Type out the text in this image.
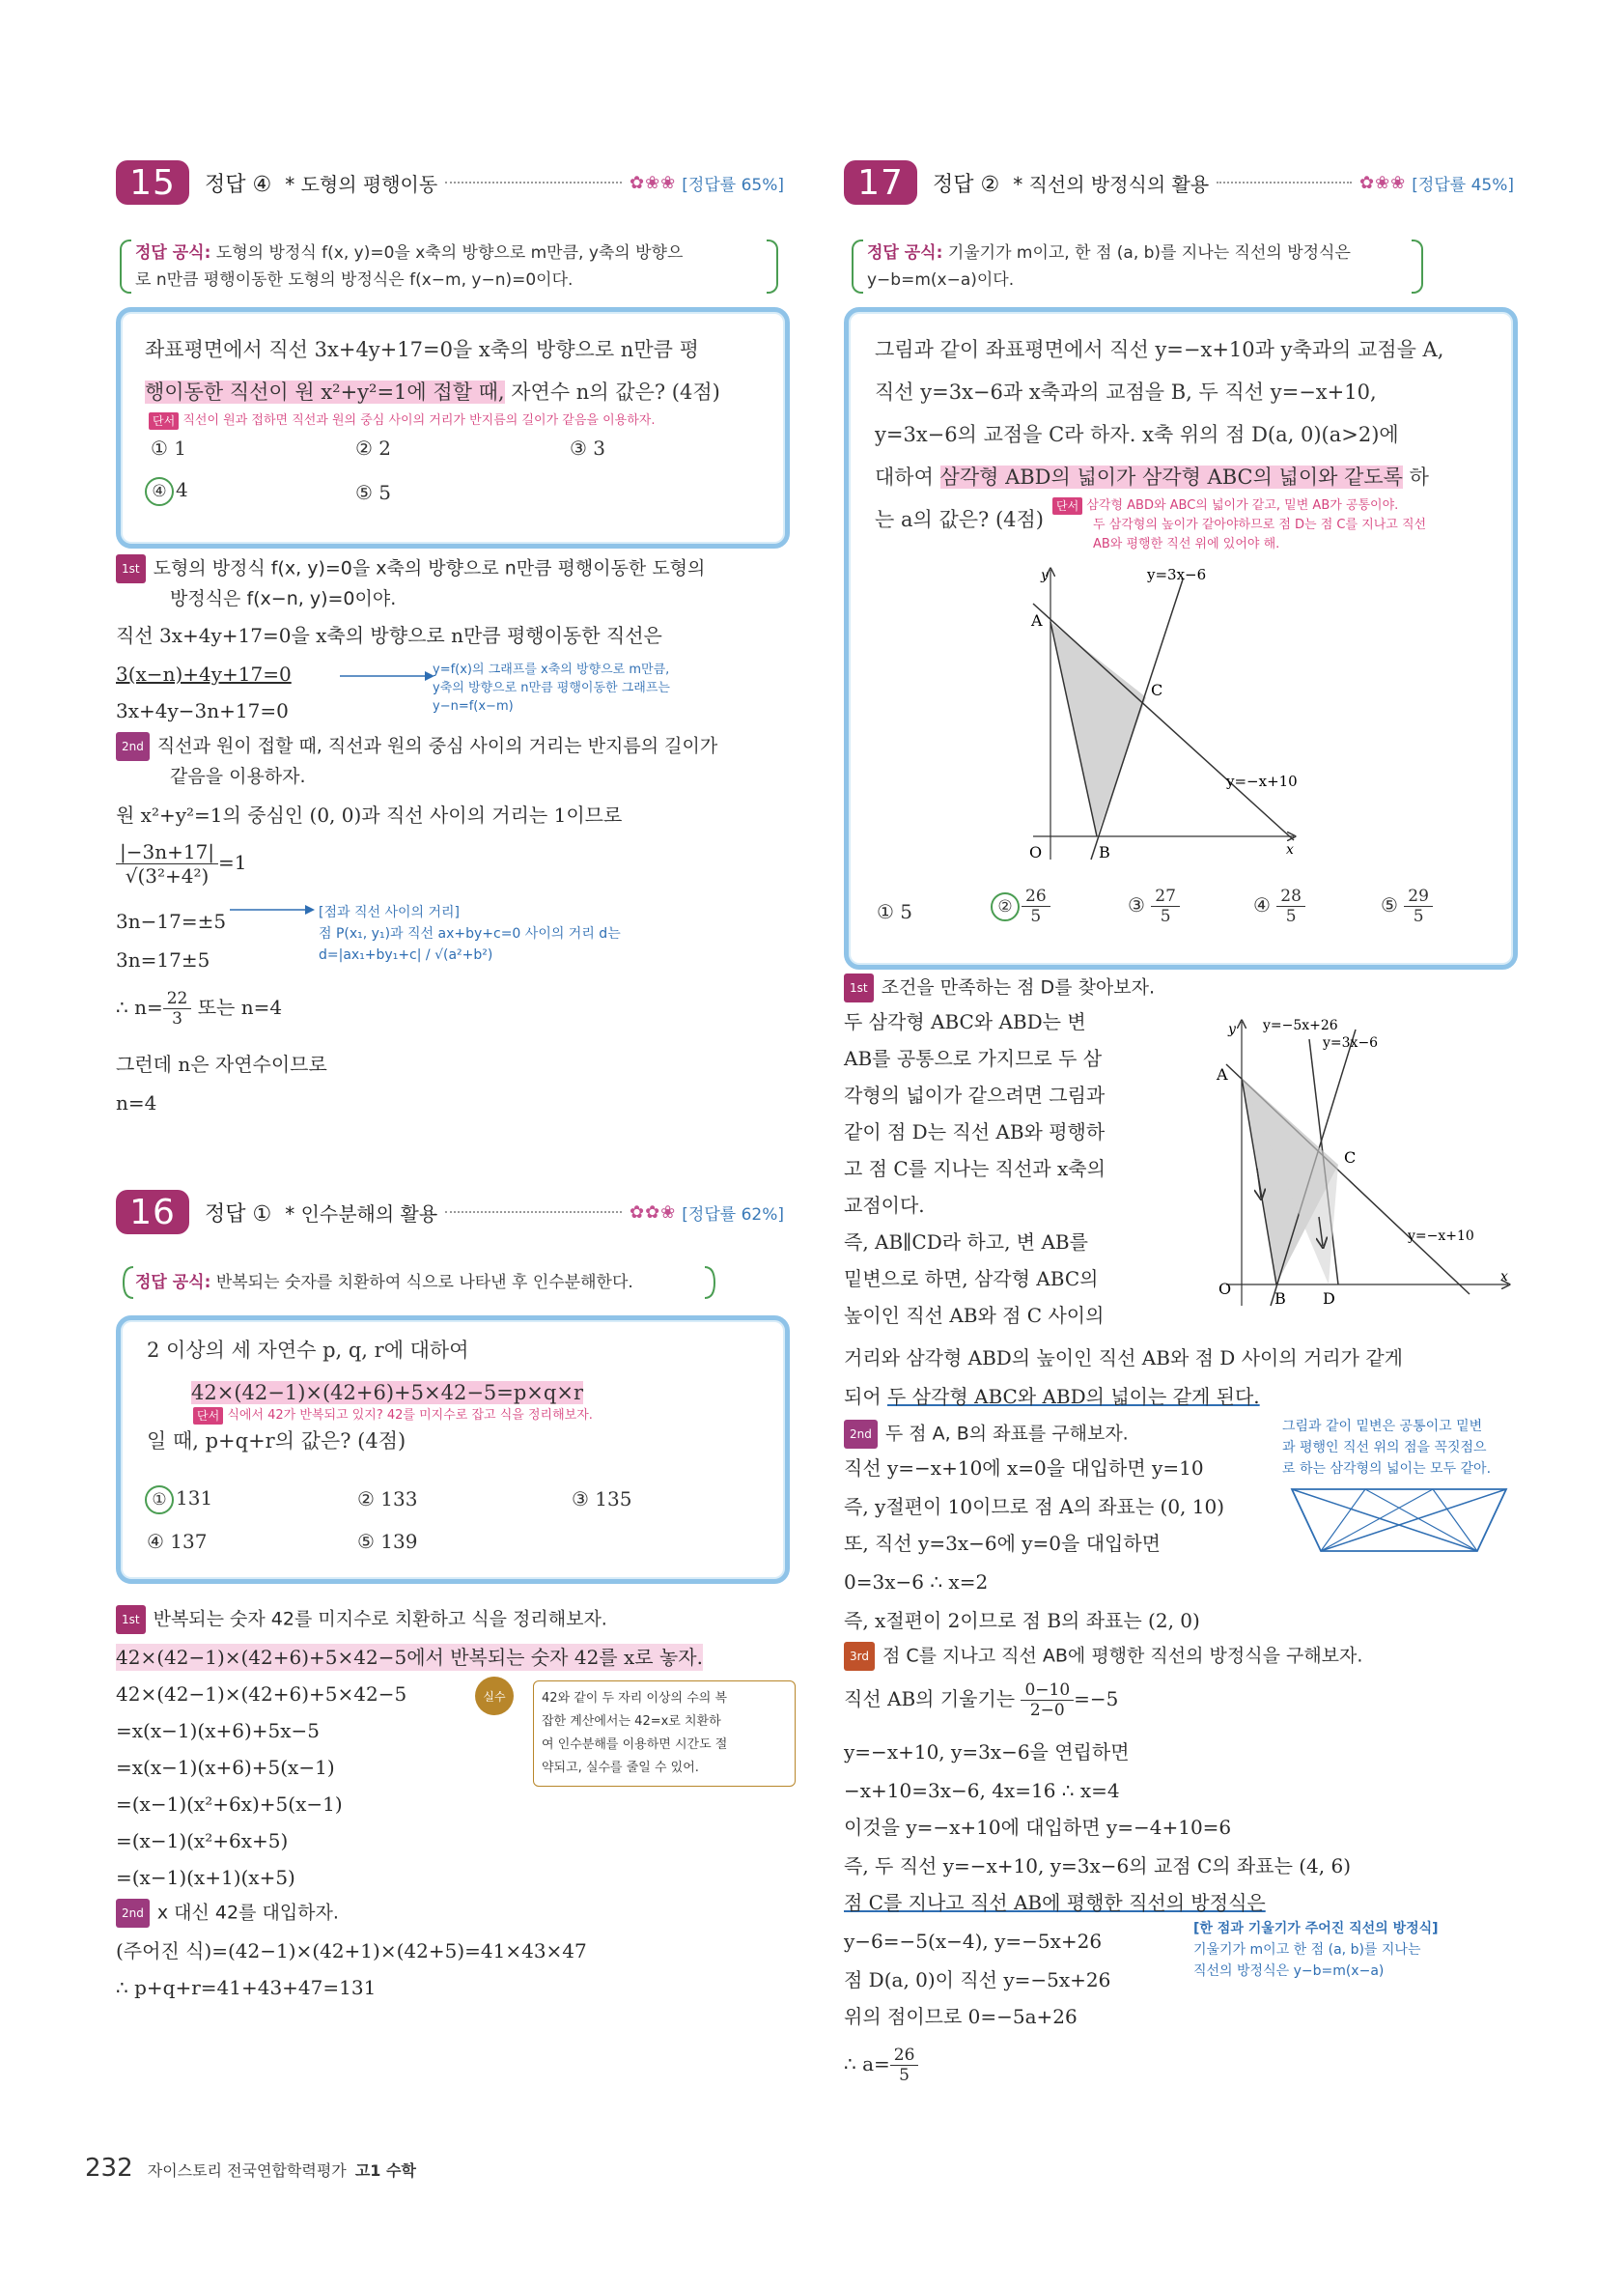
15	정답 ④ * 도형의 평행이동	✿❀❀ [정답률 65%]
정답 공식: 도형의 방정식 f(x, y)=0을 x축의 방향으로 m만큼, y축의 방향으
로 n만큼 평행이동한 도형의 방정식은 f(x−m, y−n)=0이다.
좌표평면에서 직선 3x+4y+17=0을 x축의 방향으로 n만큼 평
행이동한 직선이 원 x²+y²=1에 접할 때, 자연수 n의 값은? (4점)
단서 직선이 원과 접하면 직선과 원의 중심 사이의 거리가 반지름의 길이가 같음을 이용하자.
① 1	② 2	③ 3
④ 4	⑤ 5
1st 도형의 방정식 f(x, y)=0을 x축의 방향으로 n만큼 평행이동한 도형의
방정식은 f(x−n, y)=0이야.
직선 3x+4y+17=0을 x축의 방향으로 n만큼 평행이동한 직선은
3(x−n)+4y+17=0
3x+4y−3n+17=0
y=f(x)의 그래프를 x축의 방향으로 m만큼,
y축의 방향으로 n만큼 평행이동한 그래프는
y−n=f(x−m)
2nd 직선과 원이 접할 때, 직선과 원의 중심 사이의 거리는 반지름의 길이가
같음을 이용하자.
원 x²+y²=1의 중심인 (0, 0)과 직선 사이의 거리는 1이므로
$\frac{|-3n+17|}{\text{√(3²+4²)}} =1$
3n−17=±5	[점과 직선 사이의 거리]
점 P(x₁, y₁)과 직선 ax+by+c=0 사이의 거리 d는
d=|ax₁+by₁+c| / √(a²+b²)
3n=17±5
∴ $n= \frac{22}{3}$ 또는 n=4
그런데 n은 자연수이므로
n=4
16	정답 ① * 인수분해의 활용	✿✿❀ [정답률 62%]
정답 공식: 반복되는 숫자를 치환하여 식으로 나타낸 후 인수분해한다.
2 이상의 세 자연수 p, q, r에 대하여
42×(42−1)×(42+6)+5×42−5=p×q×r
단서 식에서 42가 반복되고 있지? 42를 미지수로 잡고 식을 정리해보자.
일 때, p+q+r의 값은? (4점)
① 131	② 133	③ 135
④ 137	⑤ 139
1st 반복되는 숫자 42를 미지수로 치환하고 식을 정리해보자.
42×(42−1)×(42+6)+5×42−5에서 반복되는 숫자 42를 x로 놓자.
42×(42−1)×(42+6)+5×42−5	실수	42와 같이 두 자리 이상의 수의 복
잡한 계산에서는 42=x로 치환하
여 인수분해를 이용하면 시간도 절
약되고, 실수를 줄일 수 있어.
=x(x−1)(x+6)+5x−5
=x(x−1)(x+6)+5(x−1)
=(x−1)(x²+6x)+5(x−1)
=(x−1)(x²+6x+5)
=(x−1)(x+1)(x+5)
2nd x 대신 42를 대입하자.
(주어진 식)=(42−1)×(42+1)×(42+5)=41×43×47
∴ p+q+r=41+43+47=131
17	정답 ② * 직선의 방정식의 활용	✿❀❀ [정답률 45%]
정답 공식: 기울기가 m이고, 한 점 (a, b)를 지나는 직선의 방정식은
y−b=m(x−a)이다.
그림과 같이 좌표평면에서 직선 y=−x+10과 y축과의 교점을 A,
직선 y=3x−6과 x축과의 교점을 B, 두 직선 y=−x+10,
y=3x−6의 교점을 C라 하자. x축 위의 점 D(a, 0)(a>2)에
대하여 삼각형 ABD의 넓이가 삼각형 ABC의 넓이와 같도록 하
는 a의 값은? (4점)
단서 삼각형 ABD와 ABC의 넓이가 같고, 밑변 AB가 공통이야.
두 삼각형의 높이가 같아야하므로 점 D는 점 C를 지나고 직선
AB와 평행한 직선 위에 있어야 해.
y
x
O
A
B
C
y=3x−6
y=−x+10
① 5	② $\frac{26}{5}$	③ $\frac{27}{5}$	④ $\frac{28}{5}$	⑤ $\frac{29}{5}$
1st 조건을 만족하는 점 D를 찾아보자.
두 삼각형 ABC와 ABD는 변
AB를 공통으로 가지므로 두 삼
각형의 넓이가 같으려면 그림과
같이 점 D는 직선 AB와 평행하
고 점 C를 지나는 직선과 x축의
교점이다.
즉, AB∥CD라 하고, 변 AB를
밑변으로 하면, 삼각형 ABC의
높이인 직선 AB와 점 C 사이의
거리와 삼각형 ABD의 높이인 직선 AB와 점 D 사이의 거리가 같게
되어 두 삼각형 ABC와 ABD의 넓이는 같게 된다.
y
x
O
A
B
C
D
y=−5x+26
y=3x−6
y=−x+10
2nd 두 점 A, B의 좌표를 구해보자.	그림과 같이 밑변은 공통이고 밑변
과 평행인 직선 위의 점을 꼭짓점으
로 하는 삼각형의 넓이는 모두 같아.
직선 y=−x+10에 x=0을 대입하면 y=10
즉, y절편이 10이므로 점 A의 좌표는 (0, 10)
또, 직선 y=3x−6에 y=0을 대입하면
0=3x−6 ∴ x=2
즉, x절편이 2이므로 점 B의 좌표는 (2, 0)
3rd 점 C를 지나고 직선 AB에 평행한 직선의 방정식을 구해보자.
직선 AB의 기울기는 $\frac{0-10}{2-0} =-5$
y=−x+10, y=3x−6을 연립하면
−x+10=3x−6, 4x=16 ∴ x=4
이것을 y=−x+10에 대입하면 y=−4+10=6
즉, 두 직선 y=−x+10, y=3x−6의 교점 C의 좌표는 (4, 6)
점 C를 지나고 직선 AB에 평행한 직선의 방정식은
y−6=−5(x−4), y=−5x+26
점 D(a, 0)이 직선 y=−5x+26
위의 점이므로 0=−5a+26
∴ $a= \frac{26}{5}$
[한 점과 기울기가 주어진 직선의 방정식]
기울기가 m이고 한 점 (a, b)를 지나는
직선의 방정식은 y−b=m(x−a)
232 자이스토리 전국연합학력평가 고1 수학
